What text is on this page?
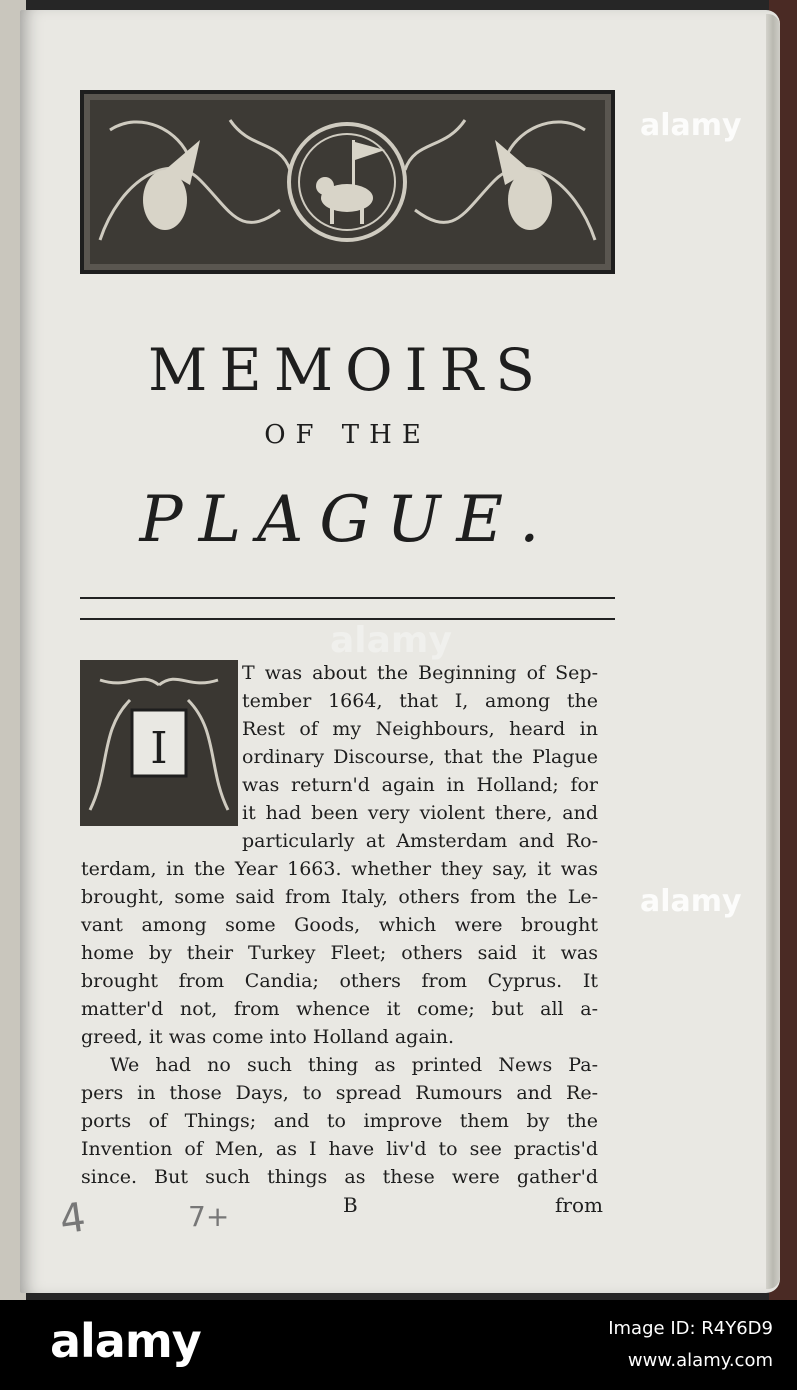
MEMOIRS
OF THE
PLAGUE.
I
T was about the Beginning of Sep-
tember 1664, that I, among the
Rest of my Neighbours, heard in
ordinary Discourse, that the Plague
was return'd again in Holland; for
it had been very violent there, and
particularly at Amsterdam and Ro-
terdam, in the Year 1663. whether they say, it was
brought, some said from Italy, others from the Le-
vant among some Goods, which were brought
home by their Turkey Fleet; others said it was
brought from Candia; others from Cyprus. It
matter'd not, from whence it come; but all a-
greed, it was come into Holland again.
We had no such thing as printed News Pa-
pers in those Days, to spread Rumours and Re-
ports of Things; and to improve them by the
Invention of Men, as I have liv'd to see practis'd
since. But such things as these were gather'd
B	from
4	7+
alamy
alamy
alamy
alamy	Image ID: R4Y6D9
www.alamy.com
